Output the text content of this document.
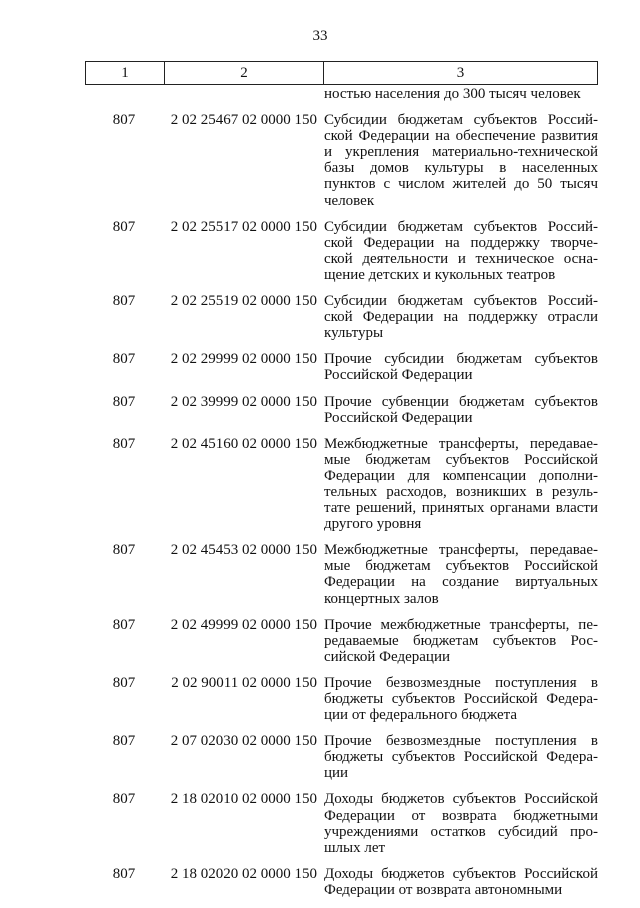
33
1	2	3
ностью населения до 300 тысяч человек
807	2 02 25467 02 0000 150 Субсидии бюджетам субъектов Россий-
ской Федерации на обеспечение развития
и укрепления материально-технической
базы домов культуры в населенных
пунктов с числом жителей до 50 тысяч
человек
807	2 02 25517 02 0000 150 Субсидии бюджетам субъектов Россий-
ской Федерации на поддержку творче-
ской деятельности и техническое осна-
щение детских и кукольных театров
807	2 02 25519 02 0000 150 Субсидии бюджетам субъектов Россий-
ской Федерации на поддержку отрасли
культуры
807	2 02 29999 02 0000 150 Прочие субсидии бюджетам субъектов
Российской Федерации
807	2 02 39999 02 0000 150 Прочие субвенции бюджетам субъектов
Российской Федерации
807	2 02 45160 02 0000 150 Межбюджетные трансферты, передавае-
мые бюджетам субъектов Российской
Федерации для компенсации дополни-
тельных расходов, возникших в резуль-
тате решений, принятых органами власти
другого уровня
807	2 02 45453 02 0000 150 Межбюджетные трансферты, передавае-
мые бюджетам субъектов Российской
Федерации на создание виртуальных
концертных залов
807	2 02 49999 02 0000 150 Прочие межбюджетные трансферты, пе-
редаваемые бюджетам субъектов Рос-
сийской Федерации
807	2 02 90011 02 0000 150 Прочие безвозмездные поступления в
бюджеты субъектов Российской Федера-
ции от федерального бюджета
807	2 07 02030 02 0000 150 Прочие безвозмездные поступления в
бюджеты субъектов Российской Федера-
ции
807	2 18 02010 02 0000 150 Доходы бюджетов субъектов Российской
Федерации от возврата бюджетными
учреждениями остатков субсидий про-
шлых лет
807	2 18 02020 02 0000 150 Доходы бюджетов субъектов Российской
Федерации от возврата автономными
